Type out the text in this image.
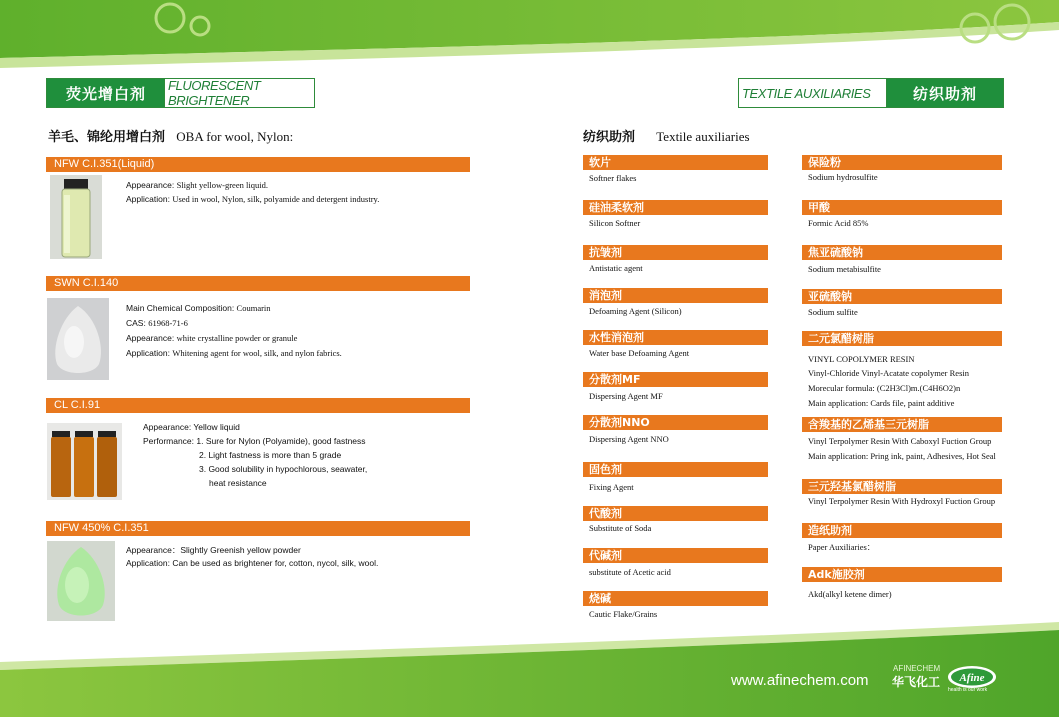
荧光增白剂	FLUORESCENT BRIGHTENER	TEXTILE AUXILIARIES	纺织助剂
羊毛、锦纶用增白剂 OBA for wool, Nylon:	纺织助剂 Textile auxiliaries
NFW C.I.351(Liquid)
Appearance: Slight yellow-green liquid.
Application: Used in wool, Nylon, silk, polyamide and detergent industry.
SWN C.I.140
Main Chemical Composition: Coumarin
CAS: 61968-71-6
Appearance: white crystalline powder or granule
Application: Whitening agent for wool, silk, and nylon fabrics.
CL C.I.91
Appearance: Yellow liquid
Performance: 1. Sure for Nylon (Polyamide), good fastness
2. Light fastness is more than 5 grade
3. Good solubility in hypochlorous, seawater,
heat resistance
NFW 450% C.I.351
Appearance：Slightly Greenish yellow powder
Application: Can be used as brightener for, cotton, nycol, silk, wool.
软片
Softner flakes
硅油柔软剂
Silicon Softner
抗皱剂
Antistatic agent
消泡剂
Defoaming Agent (Silicon)
水性消泡剂
Water base Defoaming Agent
分散剂MF
Dispersing Agent MF
分散剂NNO
Dispersing Agent NNO
固色剂
Fixing Agent
代酸剂
Substitute of Soda
代碱剂
substitute of Acetic acid
烧碱
Cautic Flake/Grains
保险粉
Sodium hydrosulfite
甲酸
Formic Acid 85%
焦亚硫酸钠
Sodium metabisulfite
亚硫酸钠
Sodium sulfite
二元氯醋树脂
VINYL COPOLYMER RESIN
Vinyl-Chloride Vinyl-Acatate copolymer Resin
Morecular formula: (C2H3Cl)m.(C4H6O2)n
Main application: Cards file, paint additive
含羧基的乙烯基三元树脂
Vinyl Terpolymer Resin With Caboxyl Fuction Group
Main application: Pring ink, paint, Adhesives, Hot Seal
三元羟基氯醋树脂
Vinyl Terpolymer Resin With Hydroxyl Fuction Group
造纸助剂
Paper Auxiliaries：
Adk施胶剂
Akd(alkyl ketene dimer)
www.afinechem.com
AFINECHEM
华飞化工 Afine
health is our work
